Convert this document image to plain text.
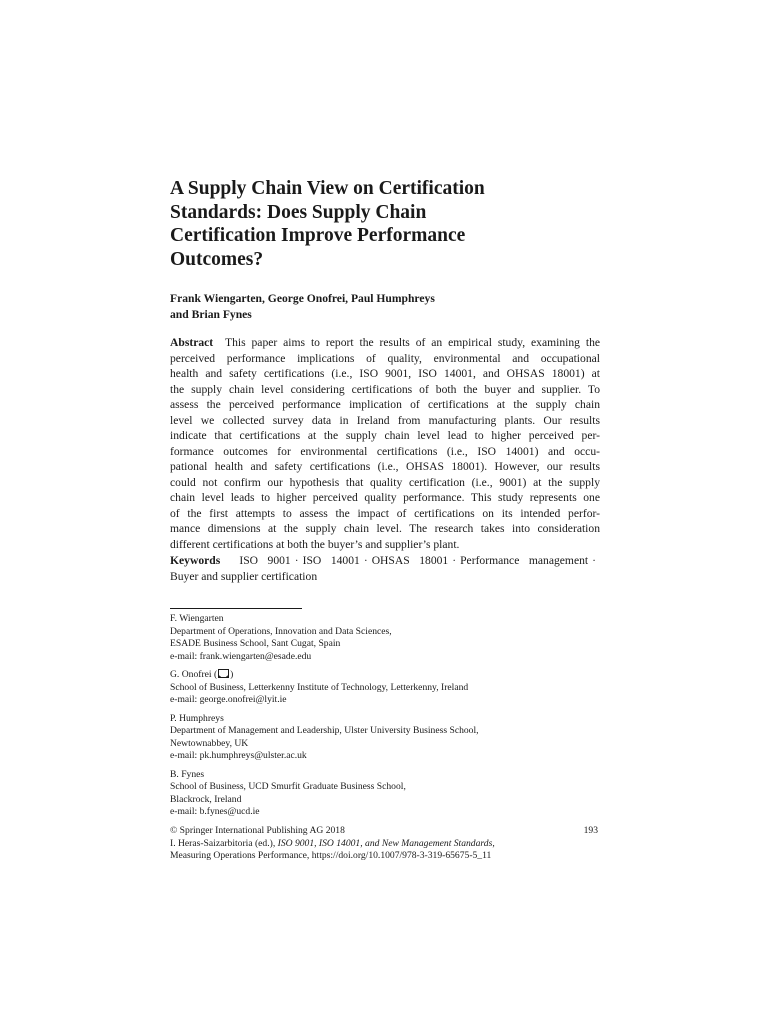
A Supply Chain View on Certification
Standards: Does Supply Chain
Certification Improve Performance
Outcomes?
Frank Wiengarten, George Onofrei, Paul Humphreys
and Brian Fynes
Abstract This paper aims to report the results of an empirical study, examining the
perceived performance implications of quality, environmental and occupational
health and safety certifications (i.e., ISO 9001, ISO 14001, and OHSAS 18001) at
the supply chain level considering certifications of both the buyer and supplier. To
assess the perceived performance implication of certifications at the supply chain
level we collected survey data in Ireland from manufacturing plants. Our results
indicate that certifications at the supply chain level lead to higher perceived per-
formance outcomes for environmental certifications (i.e., ISO 14001) and occu-
pational health and safety certifications (i.e., OHSAS 18001). However, our results
could not confirm our hypothesis that quality certification (i.e., 9001) at the supply
chain level leads to higher perceived quality performance. This study represents one
of the first attempts to assess the impact of certifications on its intended perfor-
mance dimensions at the supply chain level. The research takes into consideration
different certifications at both the buyer’s and supplier’s plant.
Keywords ISO 9001 · ISO 14001 · OHSAS 18001 · Performance management ·
Buyer and supplier certification
F. Wiengarten
Department of Operations, Innovation and Data Sciences,
ESADE Business School, Sant Cugat, Spain
e-mail: frank.wiengarten@esade.edu
G. Onofrei ( )
School of Business, Letterkenny Institute of Technology, Letterkenny, Ireland
e-mail: george.onofrei@lyit.ie
P. Humphreys
Department of Management and Leadership, Ulster University Business School,
Newtownabbey, UK
e-mail: pk.humphreys@ulster.ac.uk
B. Fynes
School of Business, UCD Smurfit Graduate Business School,
Blackrock, Ireland
e-mail: b.fynes@ucd.ie
© Springer International Publishing AG 2018	193
I. Heras-Saizarbitoria (ed.), ISO 9001, ISO 14001, and New Management Standards,
Measuring Operations Performance, https://doi.org/10.1007/978-3-319-65675-5_11
